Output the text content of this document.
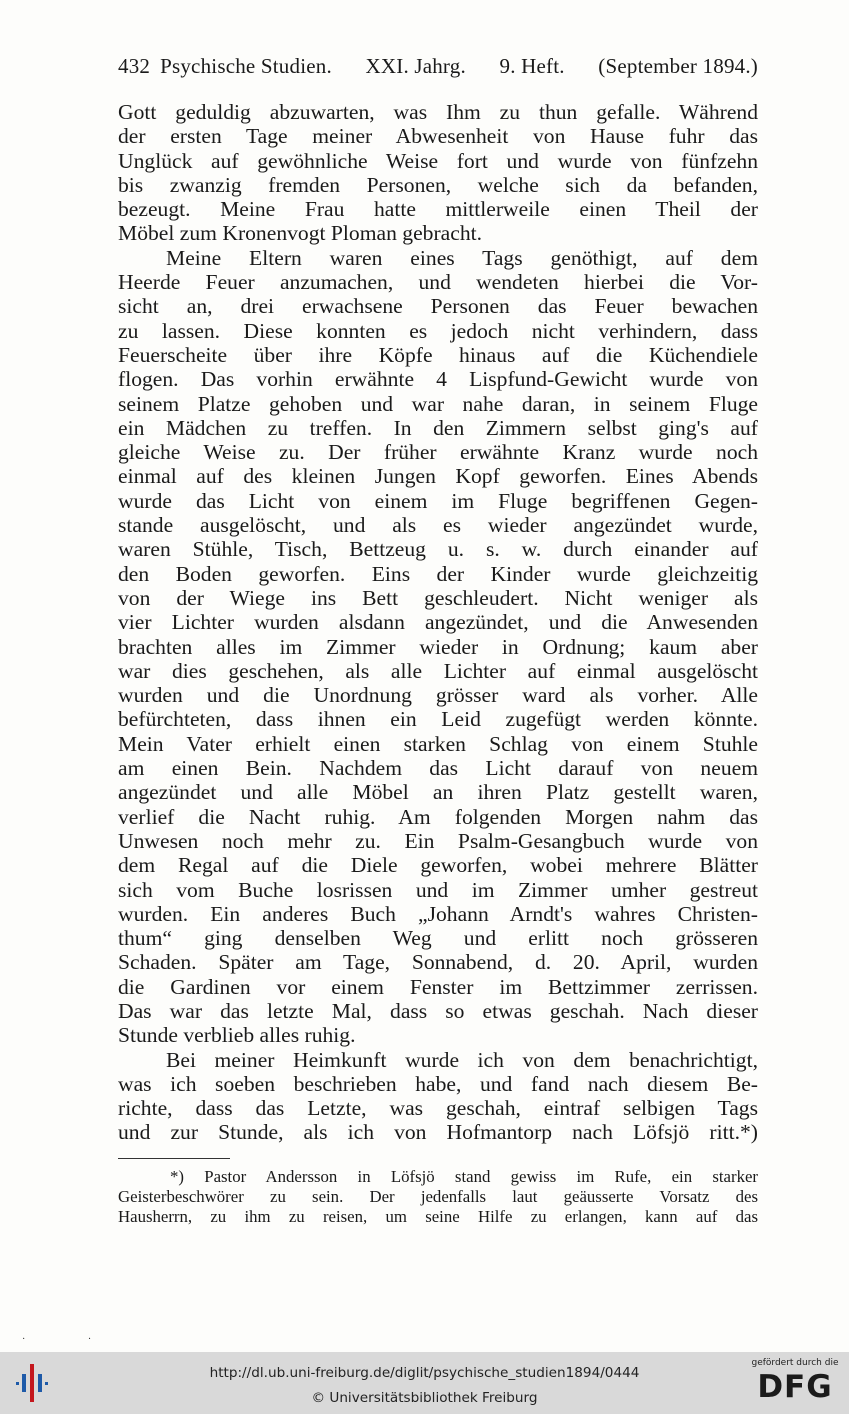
432 Psychische Studien. XXI. Jahrg. 9. Heft. (September 1894.)
Gott geduldig abzuwarten, was Ihm zu thun gefalle. Während
der ersten Tage meiner Abwesenheit von Hause fuhr das
Unglück auf gewöhnliche Weise fort und wurde von fünfzehn
bis zwanzig fremden Personen, welche sich da befanden,
bezeugt. Meine Frau hatte mittlerweile einen Theil der
Möbel zum Kronenvogt Ploman gebracht.
Meine Eltern waren eines Tags genöthigt, auf dem
Heerde Feuer anzumachen, und wendeten hierbei die Vor-
sicht an, drei erwachsene Personen das Feuer bewachen
zu lassen. Diese konnten es jedoch nicht verhindern, dass
Feuerscheite über ihre Köpfe hinaus auf die Küchendiele
flogen. Das vorhin erwähnte 4 Lispfund-Gewicht wurde von
seinem Platze gehoben und war nahe daran, in seinem Fluge
ein Mädchen zu treffen. In den Zimmern selbst ging's auf
gleiche Weise zu. Der früher erwähnte Kranz wurde noch
einmal auf des kleinen Jungen Kopf geworfen. Eines Abends
wurde das Licht von einem im Fluge begriffenen Gegen-
stande ausgelöscht, und als es wieder angezündet wurde,
waren Stühle, Tisch, Bettzeug u. s. w. durch einander auf
den Boden geworfen. Eins der Kinder wurde gleichzeitig
von der Wiege ins Bett geschleudert. Nicht weniger als
vier Lichter wurden alsdann angezündet, und die Anwesenden
brachten alles im Zimmer wieder in Ordnung; kaum aber
war dies geschehen, als alle Lichter auf einmal ausgelöscht
wurden und die Unordnung grösser ward als vorher. Alle
befürchteten, dass ihnen ein Leid zugefügt werden könnte.
Mein Vater erhielt einen starken Schlag von einem Stuhle
am einen Bein. Nachdem das Licht darauf von neuem
angezündet und alle Möbel an ihren Platz gestellt waren,
verlief die Nacht ruhig. Am folgenden Morgen nahm das
Unwesen noch mehr zu. Ein Psalm-Gesangbuch wurde von
dem Regal auf die Diele geworfen, wobei mehrere Blätter
sich vom Buche losrissen und im Zimmer umher gestreut
wurden. Ein anderes Buch „Johann Arndt's wahres Christen-
thum“ ging denselben Weg und erlitt noch grösseren
Schaden. Später am Tage, Sonnabend, d. 20. April, wurden
die Gardinen vor einem Fenster im Bettzimmer zerrissen.
Das war das letzte Mal, dass so etwas geschah. Nach dieser
Stunde verblieb alles ruhig.
Bei meiner Heimkunft wurde ich von dem benachrichtigt,
was ich soeben beschrieben habe, und fand nach diesem Be-
richte, dass das Letzte, was geschah, eintraf selbigen Tags
und zur Stunde, als ich von Hofmantorp nach Löfsjö ritt.*)
*) Pastor Andersson in Löfsjö stand gewiss im Rufe, ein starker
Geisterbeschwörer zu sein. Der jedenfalls laut geäusserte Vorsatz des
Hausherrn, zu ihm zu reisen, um seine Hilfe zu erlangen, kann auf das
· ·
http://dl.ub.uni-freiburg.de/diglit/psychische_studien1894/0444
© Universitätsbibliothek Freiburg
gefördert durch die
DFG
